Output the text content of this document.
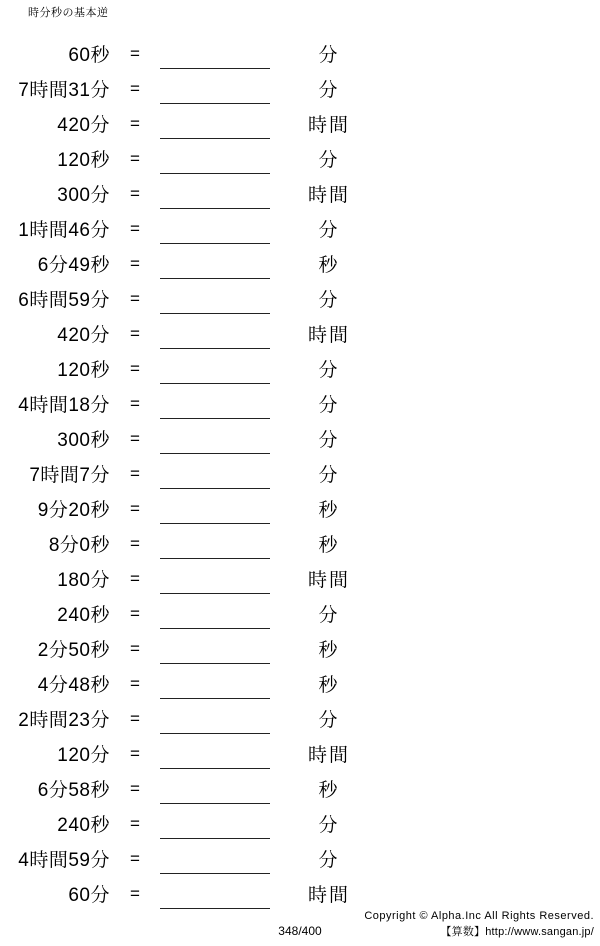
時分秒の基本逆
60秒	=	分
7時間31分	=	分
420分	=	時間
120秒	=	分
300分	=	時間
1時間46分	=	分
6分49秒	=	秒
6時間59分	=	分
420分	=	時間
120秒	=	分
4時間18分	=	分
300秒	=	分
7時間7分	=	分
9分20秒	=	秒
8分0秒	=	秒
180分	=	時間
240秒	=	分
2分50秒	=	秒
4分48秒	=	秒
2時間23分	=	分
120分	=	時間
6分58秒	=	秒
240秒	=	分
4時間59分	=	分
60分	=	時間
348/400
Copyright © Alpha.Inc All Rights Reserved.
【算数】http://www.sangan.jp/
